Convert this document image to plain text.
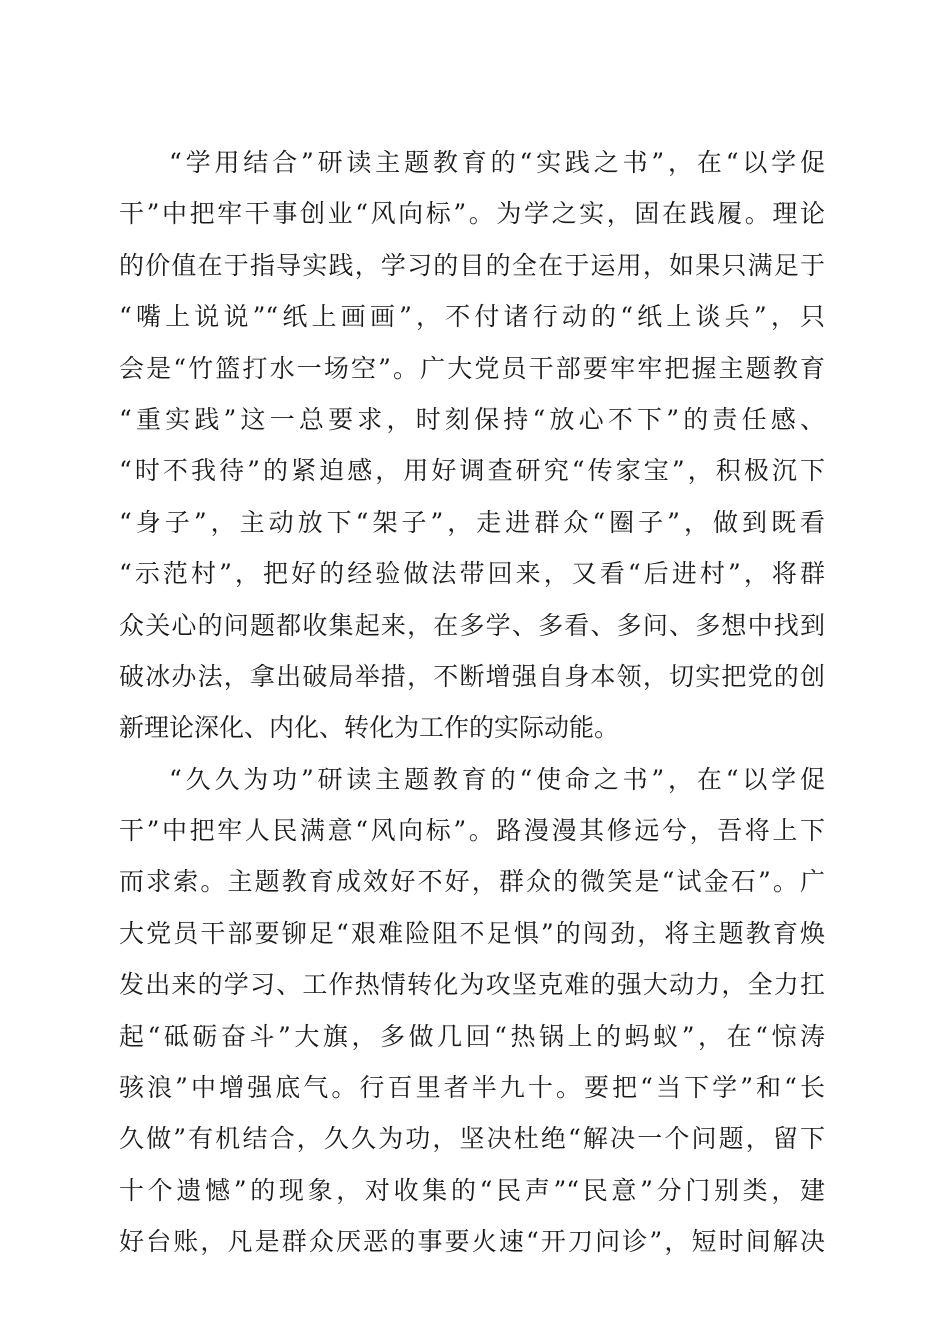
“学用结合”研读主题教育的“实践之书”，在“以学促
干”中把牢干事创业“风向标”。为学之实，固在践履。理论
的价值在于指导实践，学习的目的全在于运用，如果只满足于
“嘴上说说”“纸上画画”，不付诸行动的“纸上谈兵”，只
会是“竹篮打水一场空”。广大党员干部要牢牢把握主题教育
“重实践”这一总要求，时刻保持“放心不下”的责任感、
“时不我待”的紧迫感，用好调查研究“传家宝”，积极沉下
“身子”，主动放下“架子”，走进群众“圈子”，做到既看
“示范村”，把好的经验做法带回来，又看“后进村”，将群
众关心的问题都收集起来，在多学、多看、多问、多想中找到
破冰办法，拿出破局举措，不断增强自身本领，切实把党的创
新理论深化、内化、转化为工作的实际动能。
“久久为功”研读主题教育的“使命之书”，在“以学促
干”中把牢人民满意“风向标”。路漫漫其修远兮，吾将上下
而求索。主题教育成效好不好，群众的微笑是“试金石”。广
大党员干部要铆足“艰难险阻不足惧”的闯劲，将主题教育焕
发出来的学习、工作热情转化为攻坚克难的强大动力，全力扛
起“砥砺奋斗”大旗，多做几回“热锅上的蚂蚁”，在“惊涛
骇浪”中增强底气。行百里者半九十。要把“当下学”和“长
久做”有机结合，久久为功，坚决杜绝“解决一个问题，留下
十个遗憾”的现象，对收集的“民声”“民意”分门别类，建
好台账，凡是群众厌恶的事要火速“开刀问诊”，短时间解决
